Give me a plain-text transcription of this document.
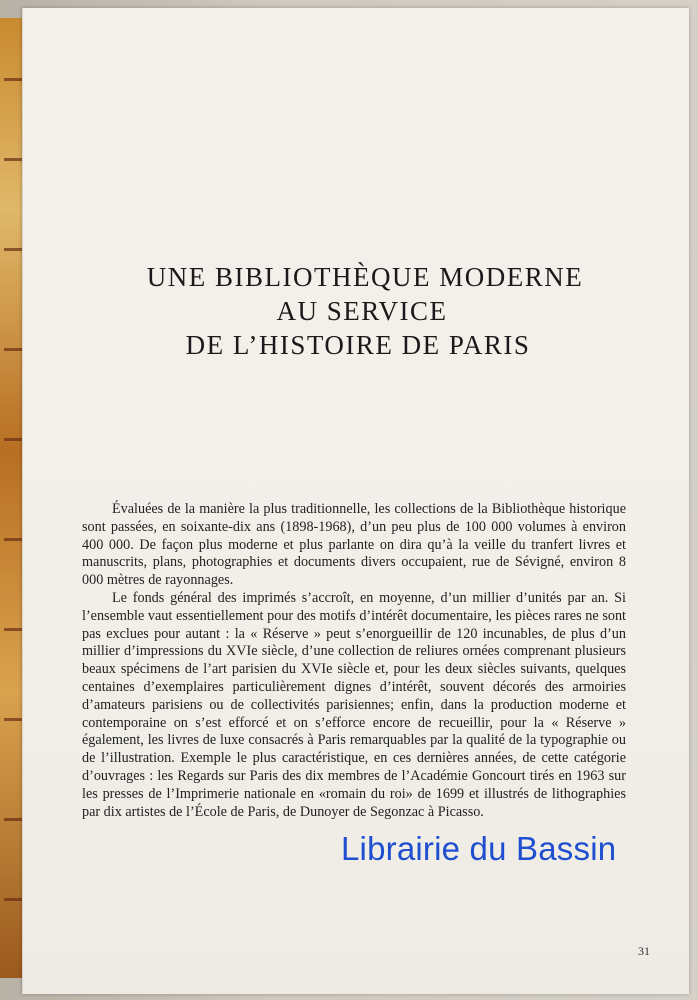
UNE BIBLIOTHÈQUE MODERNE
AU SERVICE
DE L’HISTOIRE DE PARIS

Évaluées de la manière la plus traditionnelle, les collections de la Bibliothèque historique sont passées, en soixante-dix ans (1898-1968), d’un peu plus de 100 000 volumes à environ 400 000. De façon plus moderne et plus parlante on dira qu’à la veille du tranfert livres et manuscrits, plans, photographies et documents divers occupaient, rue de Sévigné, environ 8 000 mètres de rayonnages.

Le fonds général des imprimés s’accroît, en moyenne, d’un millier d’unités par an. Si l’ensemble vaut essentiellement pour des motifs d’intérêt documentaire, les pièces rares ne sont pas exclues pour autant : la « Réserve » peut s’enorgueillir de 120 incunables, de plus d’un millier d’impressions du XVIe siècle, d’une collection de reliures ornées comprenant plusieurs beaux spécimens de l’art parisien du XVIe siècle et, pour les deux siècles suivants, quelques centaines d’exemplaires particulièrement dignes d’intérêt, souvent décorés des armoiries d’amateurs parisiens ou de collectivités parisiennes; enfin, dans la production moderne et contemporaine on s’est efforcé et on s’efforce encore de recueillir, pour la « Réserve » également, les livres de luxe consacrés à Paris remarquables par la qualité de la typographie ou de l’illustration. Exemple le plus caractéristique, en ces dernières années, de cette catégorie d’ouvrages : les Regards sur Paris des dix membres de l’Académie Goncourt tirés en 1963 sur les presses de l’Imprimerie nationale en «romain du roi» de 1699 et illustrés de lithographies par dix artistes de l’École de Paris, de Dunoyer de Segonzac à Picasso.

31
Librairie du Bassin
